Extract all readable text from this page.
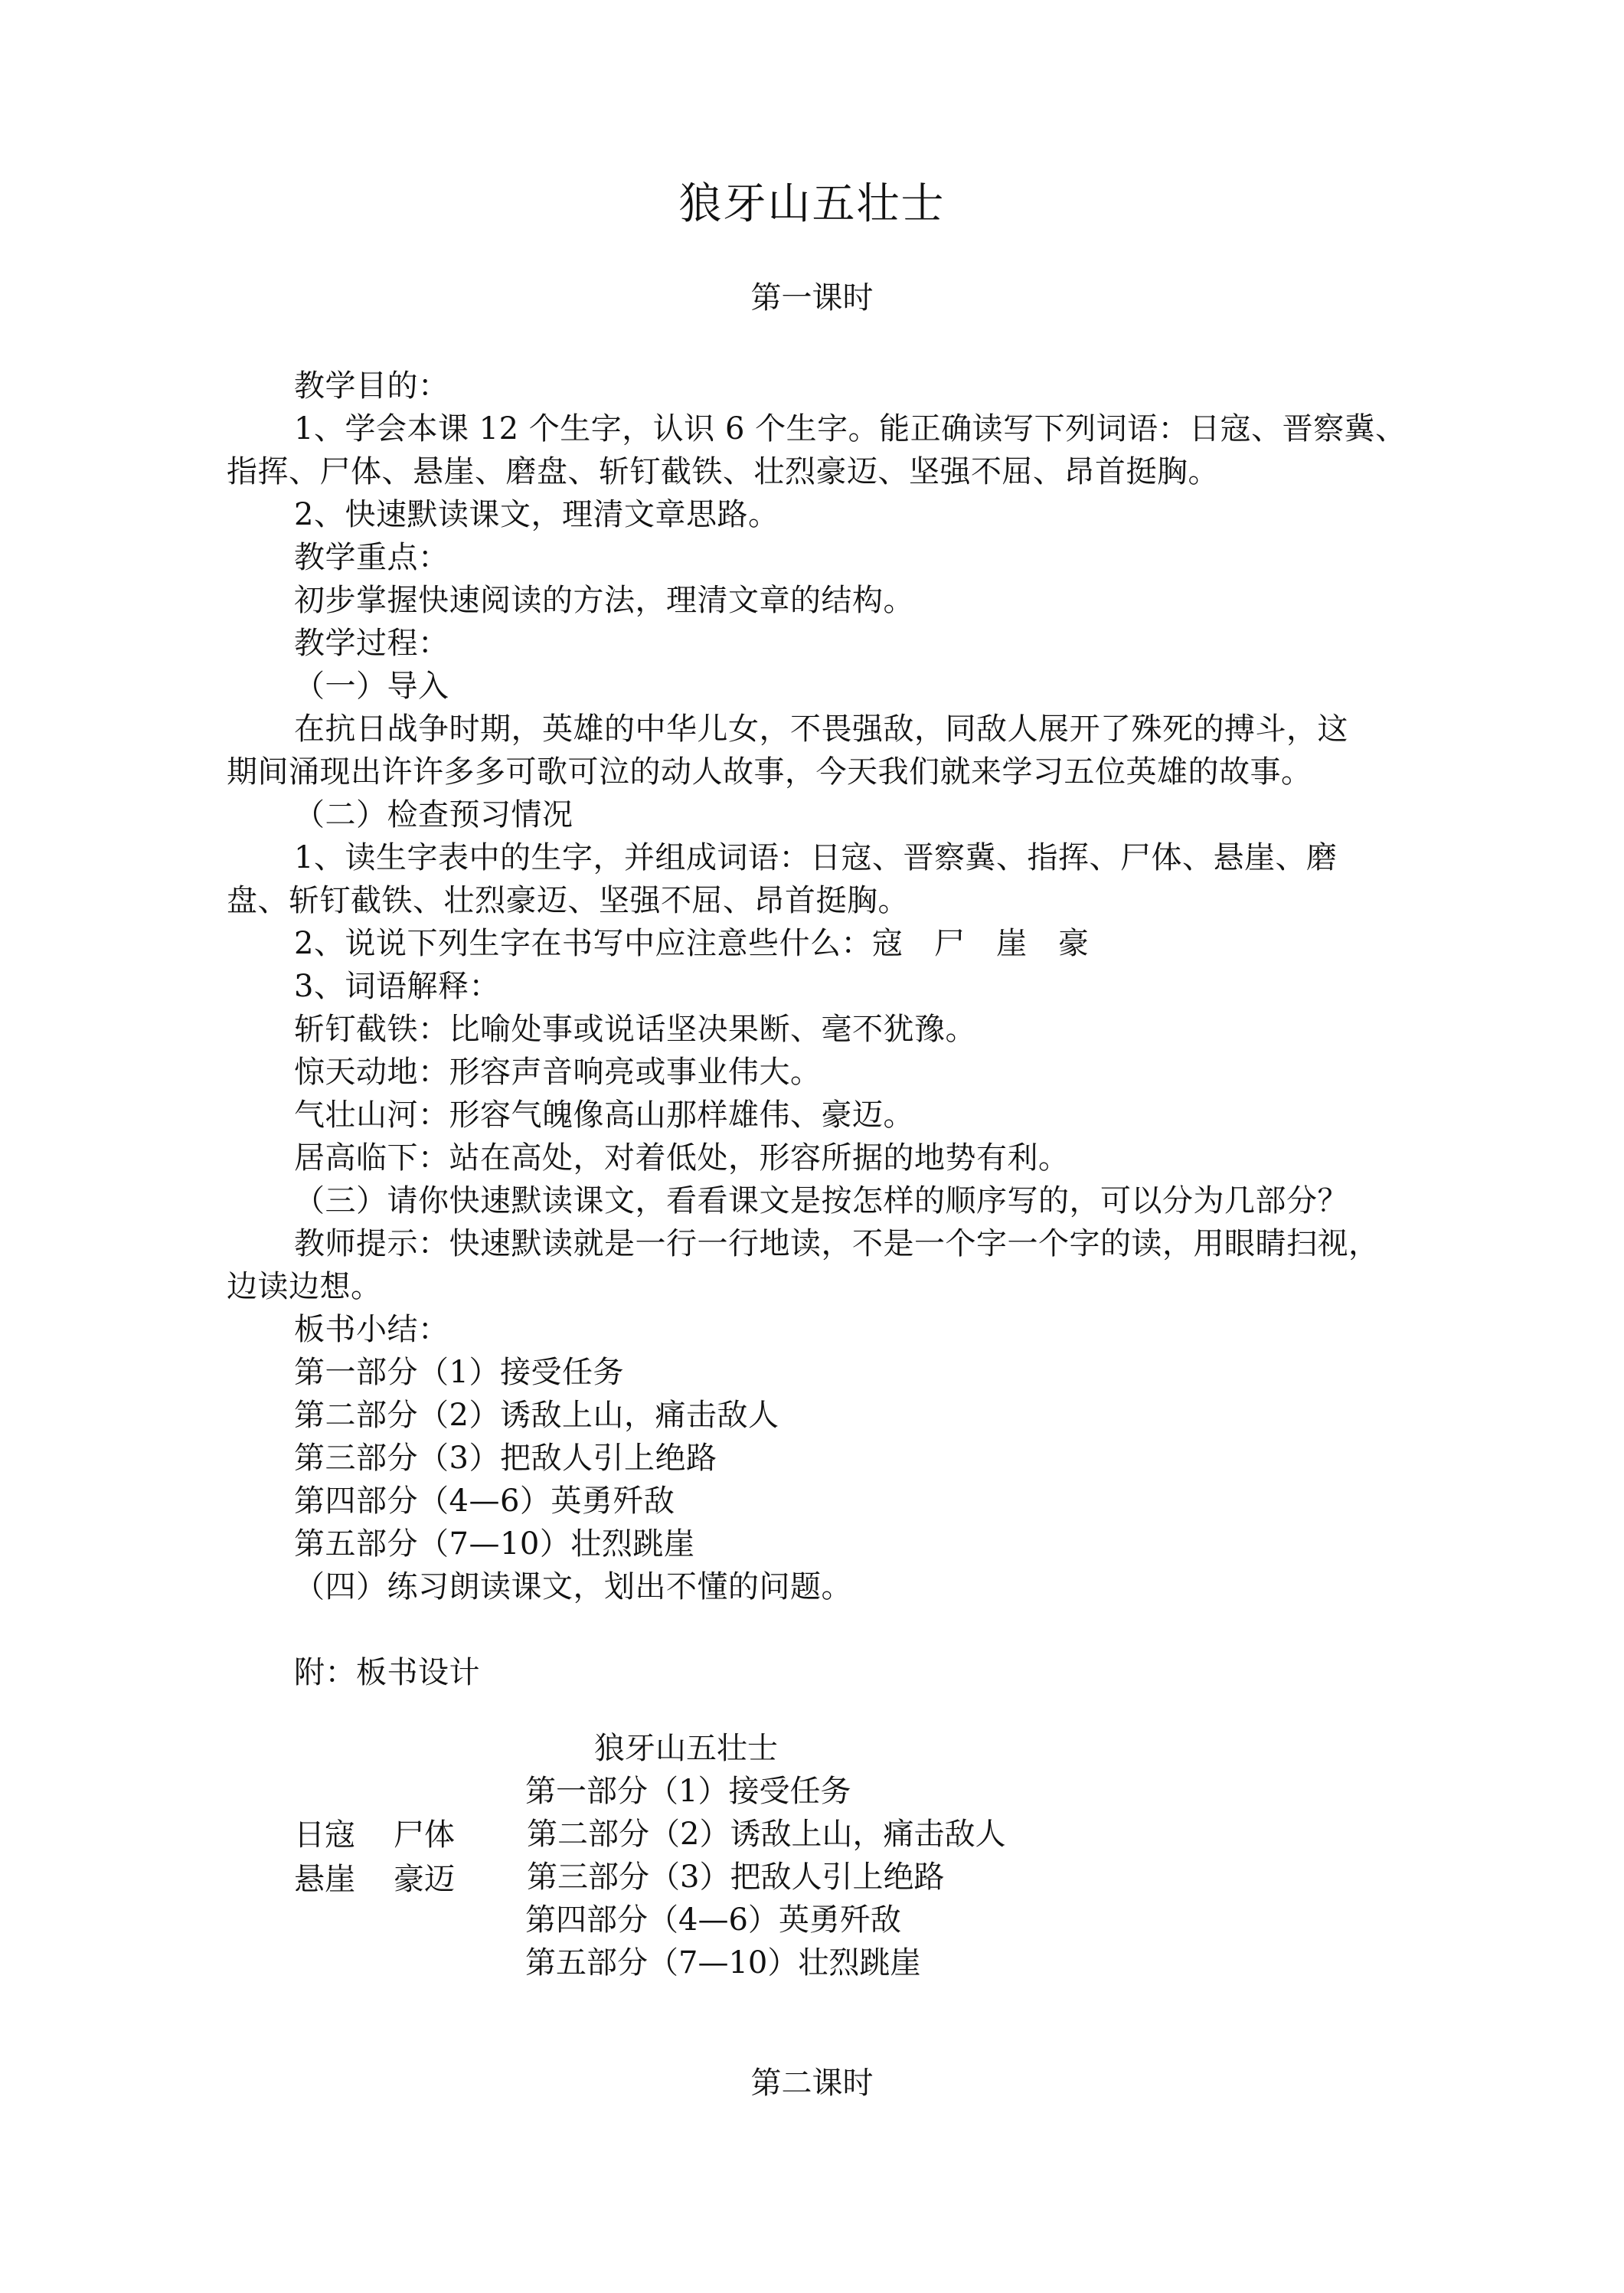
狼牙山五壮士
第一课时
教学目的：
1、学会本课 12 个生字，认识 6 个生字。能正确读写下列词语：日寇、晋察冀、
指挥、尸体、悬崖、磨盘、斩钉截铁、壮烈豪迈、坚强不屈、昂首挺胸。
2、快速默读课文，理清文章思路。
教学重点：
初步掌握快速阅读的方法，理清文章的结构。
教学过程：
（一）导入
在抗日战争时期，英雄的中华儿女，不畏强敌，同敌人展开了殊死的搏斗，这
期间涌现出许许多多可歌可泣的动人故事，今天我们就来学习五位英雄的故事。
（二）检查预习情况
1、读生字表中的生字，并组成词语：日寇、晋察冀、指挥、尸体、悬崖、磨
盘、斩钉截铁、壮烈豪迈、坚强不屈、昂首挺胸。
2、说说下列生字在书写中应注意些什么：寇　尸　崖　豪
3、词语解释：
斩钉截铁：比喻处事或说话坚决果断、毫不犹豫。
惊天动地：形容声音响亮或事业伟大。
气壮山河：形容气魄像高山那样雄伟、豪迈。
居高临下：站在高处，对着低处，形容所据的地势有利。
（三）请你快速默读课文，看看课文是按怎样的顺序写的，可以分为几部分？
教师提示：快速默读就是一行一行地读，不是一个字一个字的读，用眼睛扫视，
边读边想。
板书小结：
第一部分（1）接受任务
第二部分（2）诱敌上山，痛击敌人
第三部分（3）把敌人引上绝路
第四部分（4—6）英勇歼敌
第五部分（7—10）壮烈跳崖
（四）练习朗读课文，划出不懂的问题。
附：板书设计
狼牙山五壮士
日寇 尸体
悬崖 豪迈
第一部分（1）接受任务
第二部分（2）诱敌上山，痛击敌人
第三部分（3）把敌人引上绝路
第四部分（4—6）英勇歼敌
第五部分（7—10）壮烈跳崖
第二课时
